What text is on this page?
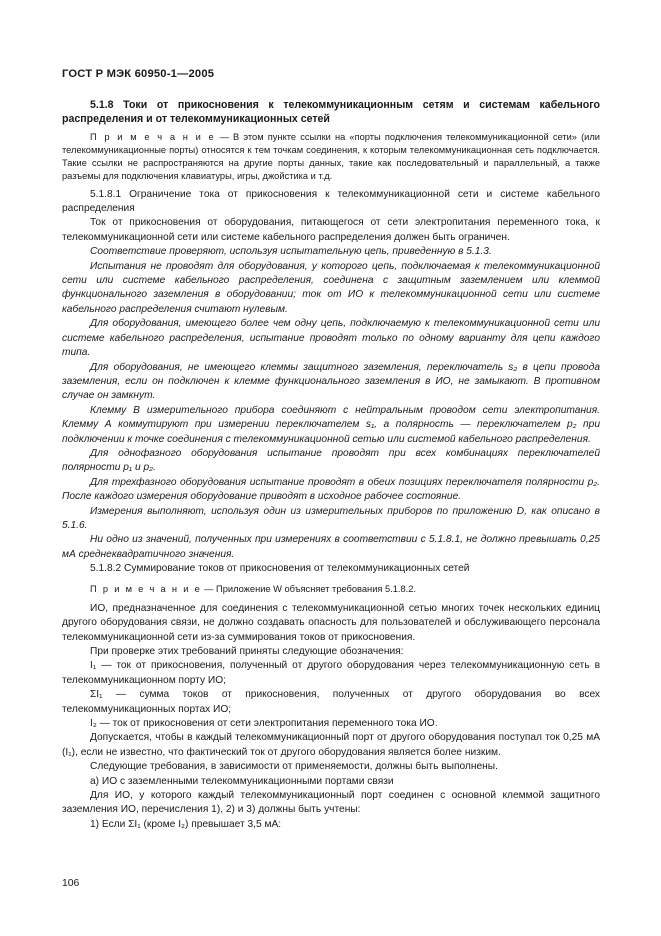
ГОСТ Р МЭК 60950-1—2005

5.1.8 Токи от прикосновения к телекоммуникационным сетям и системам кабельного распределения и от телекоммуникационных сетей

П р и м е ч а н и е — В этом пункте ссылки на «порты подключения телекоммуникационной сети» (или телекоммуникационные порты) относятся к тем точкам соединения, к которым телекоммуникационная сеть подключается. Такие ссылки не распространяются на другие порты данных, такие как последовательный и параллельный, а также разъемы для подключения клавиатуры, игры, джойстика и т.д.

5.1.8.1 Ограничение тока от прикосновения к телекоммуникационной сети и системе кабельного распределения

Ток от прикосновения от оборудования, питающегося от сети электропитания переменного тока, к телекоммуникационной сети или системе кабельного распределения должен быть ограничен.

Соответствие проверяют, используя испытательную цепь, приведенную в 5.1.3.

Испытания не проводят для оборудования, у которого цепь, подключаемая к телекоммуникационной сети или системе кабельного распределения, соединена с защитным заземлением или клеммой функционального заземления в оборудовании; ток от ИО к телекоммуникационной сети или системе кабельного распределения считают нулевым.

Для оборудования, имеющего более чем одну цепь, подключаемую к телекоммуникационной сети или системе кабельного распределения, испытание проводят только по одному варианту для цепи каждого типа.

Для оборудования, не имеющего клеммы защитного заземления, переключатель s₂ в цепи провода заземления, если он подключен к клемме функционального заземления в ИО, не замыкают. В противном случае он замкнут.

Клемму В измерительного прибора соединяют с нейтральным проводом сети электропитания. Клемму А коммутируют при измерении переключателем s₁, а полярность — переключателем p₂ при подключении к точке соединения с телекоммуникационной сетью или системой кабельного распределения.

Для однофазного оборудования испытание проводят при всех комбинациях переключателей полярности p₁ и p₂.

Для трехфазного оборудования испытание проводят в обеих позициях переключателя полярности p₂. После каждого измерения оборудование приводят в исходное рабочее состояние.

Измерения выполняют, используя один из измерительных приборов по приложению D, как описано в 5.1.6.

Ни одно из значений, полученных при измерениях в соответствии с 5.1.8.1, не должно превышать 0,25 мА среднеквадратичного значения.

5.1.8.2 Суммирование токов от прикосновения от телекоммуникационных сетей

П р и м е ч а н и е — Приложение W объясняет требования 5.1.8.2.

ИО, предназначенное для соединения с телекоммуникационной сетью многих точек нескольких единиц другого оборудования связи, не должно создавать опасность для пользователей и обслуживающего персонала телекоммуникационной сети из-за суммирования токов от прикосновения.

При проверке этих требований приняты следующие обозначения:

I₁ — ток от прикосновения, полученный от другого оборудования через телекоммуникационную сеть в телекоммуникационном порту ИО;

ΣI₁ — сумма токов от прикосновения, полученных от другого оборудования во всех телекоммуникационных портах ИО;

I₂ — ток от прикосновения от сети электропитания переменного тока ИО.

Допускается, чтобы в каждый телекоммуникационный порт от другого оборудования поступал ток 0,25 мА (I₁), если не известно, что фактический ток от другого оборудования является более низким.

Следующие требования, в зависимости от применяемости, должны быть выполнены.

а) ИО с заземленными телекоммуникационными портами связи

Для ИО, у которого каждый телекоммуникационный порт соединен с основной клеммой защитного заземления ИО, перечисления 1), 2) и 3) должны быть учтены:

1) Если ΣI₁ (кроме I₂) превышает 3,5 мА:

106
